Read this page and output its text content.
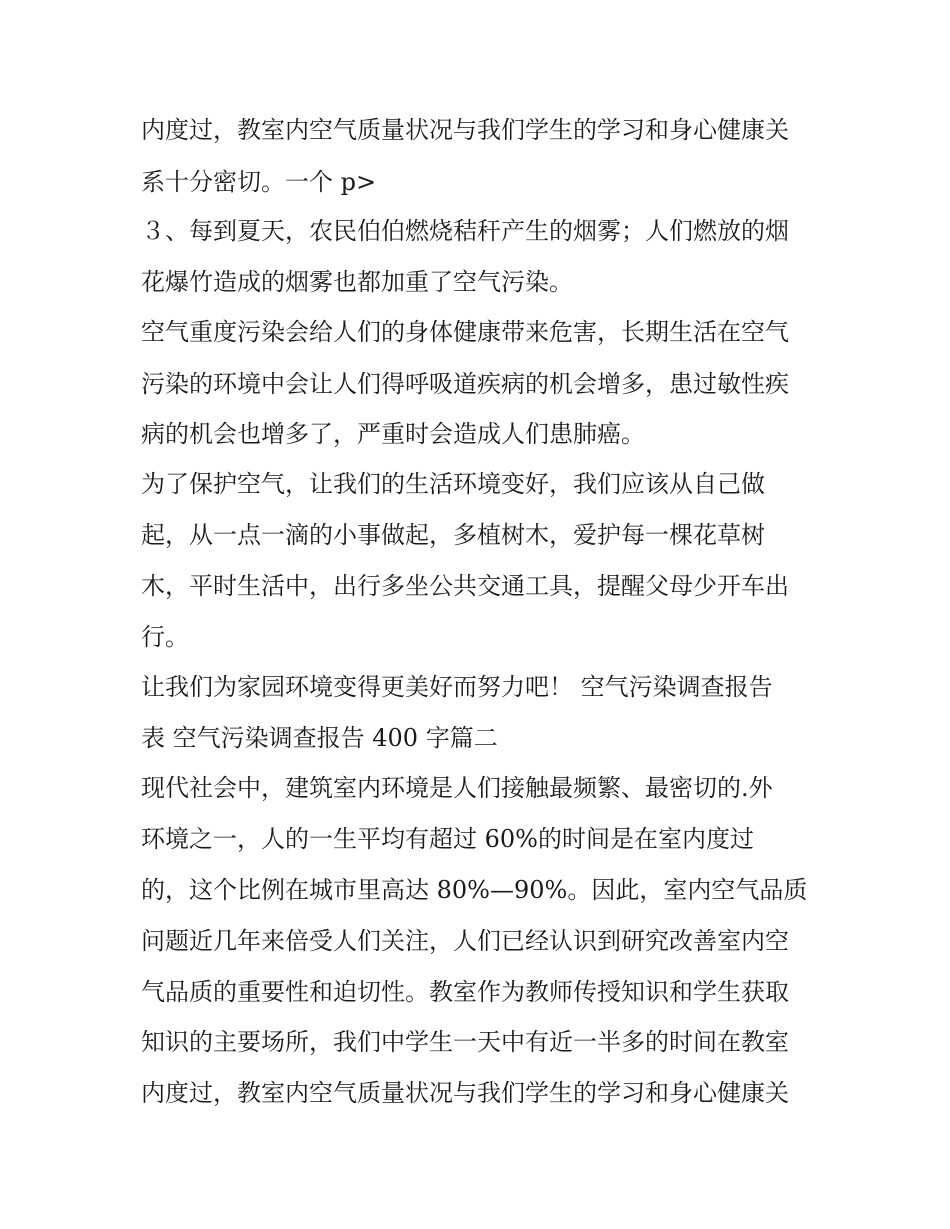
内度过，教室内空气质量状况与我们学生的学习和身心健康关
系十分密切。一个 p>
３、每到夏天，农民伯伯燃烧秸秆产生的烟雾；人们燃放的烟
花爆竹造成的烟雾也都加重了空气污染。
空气重度污染会给人们的身体健康带来危害，长期生活在空气
污染的环境中会让人们得呼吸道疾病的机会增多，患过敏性疾
病的机会也增多了，严重时会造成人们患肺癌。
为了保护空气，让我们的生活环境变好，我们应该从自己做
起，从一点一滴的小事做起，多植树木，爱护每一棵花草树
木，平时生活中，出行多坐公共交通工具，提醒父母少开车出
行。
让我们为家园环境变得更美好而努力吧！ 空气污染调查报告
表 空气污染调查报告 400 字篇二
现代社会中，建筑室内环境是人们接触最频繁、最密切的.外
环境之一，人的一生平均有超过 60%的时间是在室内度过
的，这个比例在城市里高达 80%—90%。因此，室内空气品质
问题近几年来倍受人们关注，人们已经认识到研究改善室内空
气品质的重要性和迫切性。教室作为教师传授知识和学生获取
知识的主要场所，我们中学生一天中有近一半多的时间在教室
内度过，教室内空气质量状况与我们学生的学习和身心健康关
